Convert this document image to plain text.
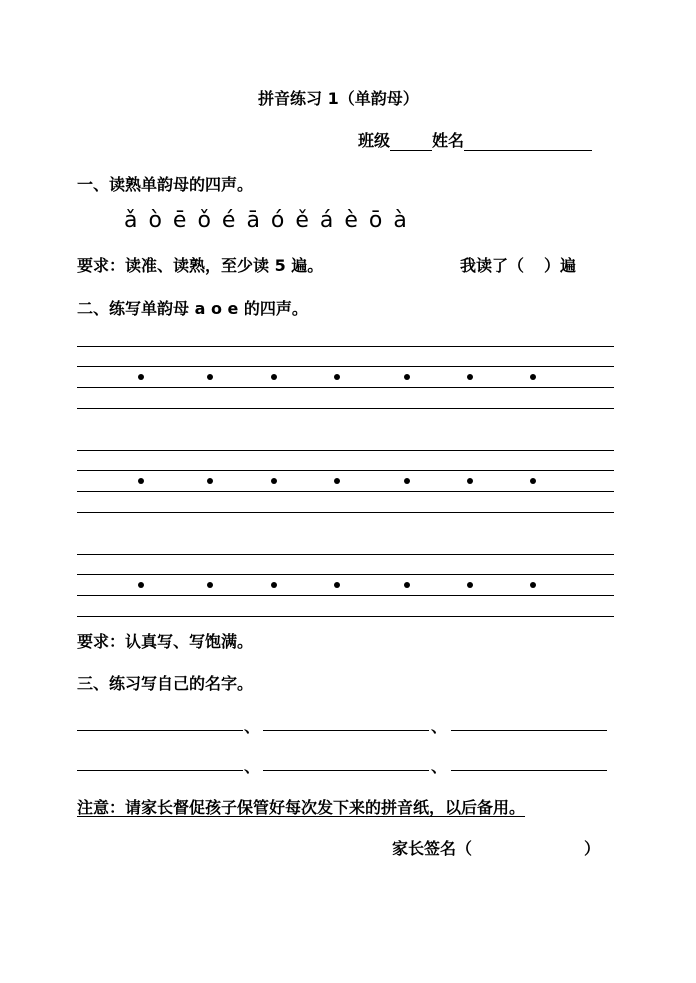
拼音练习 1（单韵母）
班级	姓名
一、读熟单韵母的四声。
ǎ ò ē ǒ é ā ó ě á è ō à
要求：读准、读熟，至少读 5 遍。	我读了（ ）遍
二、练写单韵母 a o e 的四声。
要求：认真写、写饱满。
三、练习写自己的名字。
、	、
、	、
注意：请家长督促孩子保管好每次发下来的拼音纸，以后备用。
家长签名（	）
